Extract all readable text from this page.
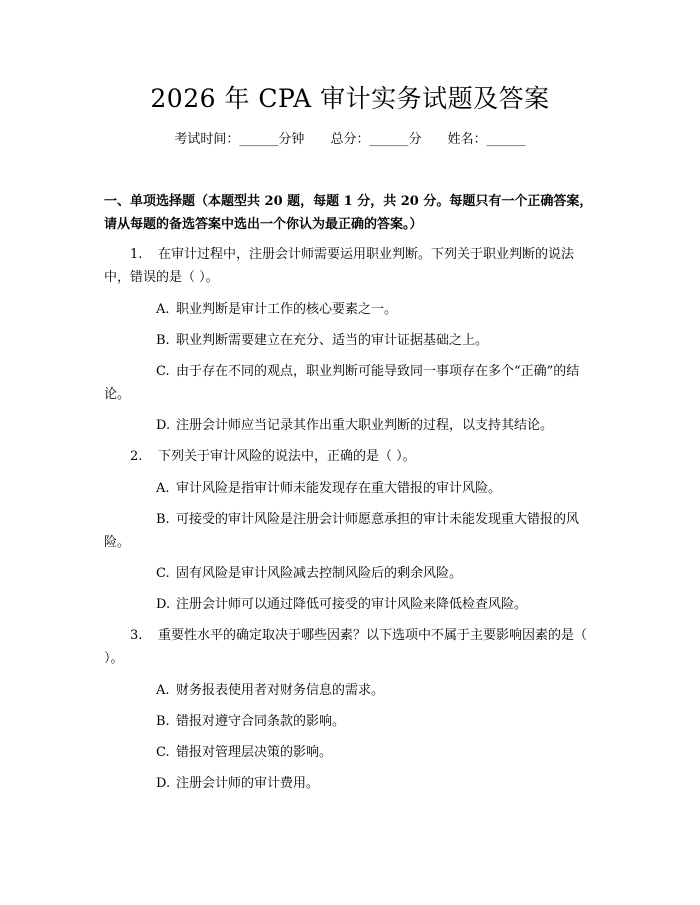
2026 年 CPA 审计实务试题及答案
考试时间：______分钟 总分：______分 姓名：______

一、单项选择题（本题型共 20 题，每题 1 分，共 20 分。每题只有一个正确答案，请从每题的备选答案中选出一个你认为最正确的答案。）

1. 在审计过程中，注册会计师需要运用职业判断。下列关于职业判断的说法中，错误的是（ ）。

A. 职业判断是审计工作的核心要素之一。

B. 职业判断需要建立在充分、适当的审计证据基础之上。

C. 由于存在不同的观点，职业判断可能导致同一事项存在多个“正确”的结论。

D. 注册会计师应当记录其作出重大职业判断的过程，以支持其结论。

2. 下列关于审计风险的说法中，正确的是（ ）。

A. 审计风险是指审计师未能发现存在重大错报的审计风险。

B. 可接受的审计风险是注册会计师愿意承担的审计未能发现重大错报的风险。

C. 固有风险是审计风险减去控制风险后的剩余风险。

D. 注册会计师可以通过降低可接受的审计风险来降低检查风险。

3. 重要性水平的确定取决于哪些因素？以下选项中不属于主要影响因素的是（ ）。

A. 财务报表使用者对财务信息的需求。

B. 错报对遵守合同条款的影响。

C. 错报对管理层决策的影响。

D. 注册会计师的审计费用。
